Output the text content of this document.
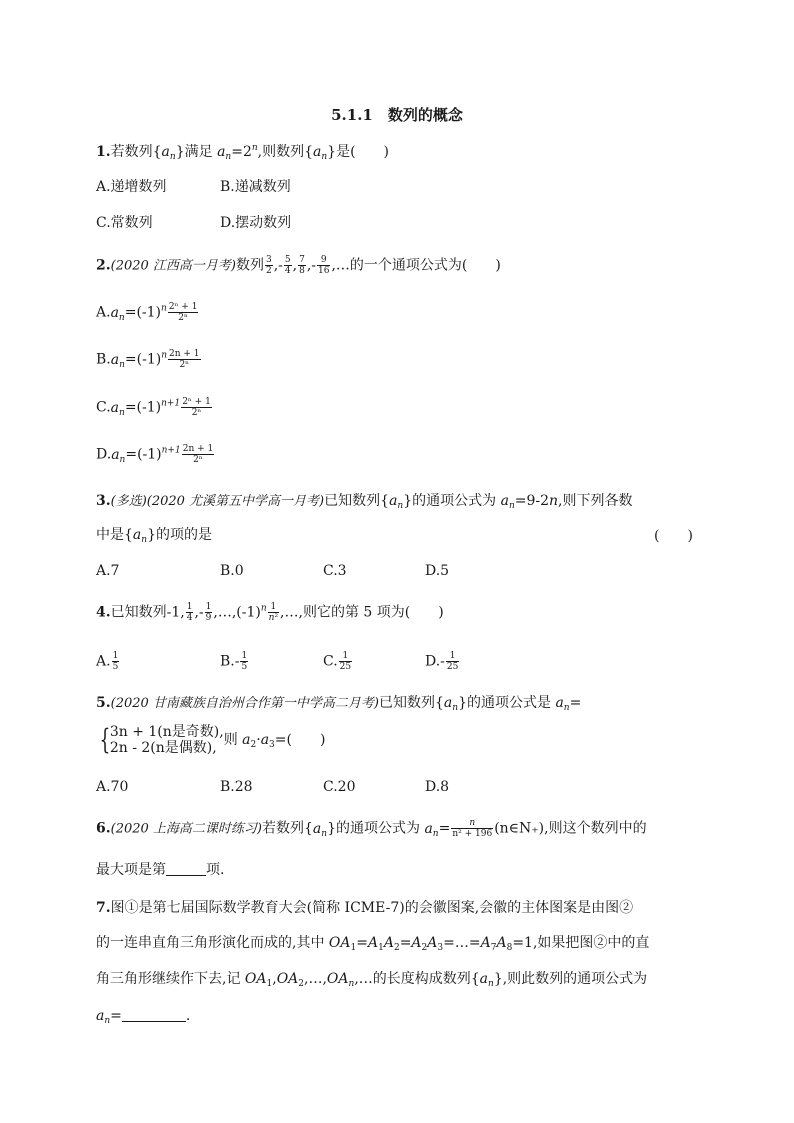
5.1.1　数列的概念
1.若数列$\{a_n\}$满足 $a_n=2^n$,则数列$\{a_n\}$是(　　)
A.递增数列	B.递减数列
C.常数列	D.摆动数列
2.(2020 江西高一月考)数列 $\frac{3}{2}$ ,- $\frac{5}{4}$ , $\frac{7}{8}$ ,- $\frac{9}{16}$ ,…的一个通项公式为(　　)
$A.a_n=(-1)^n \frac{\text{2ⁿ + 1}}{\text{2ⁿ}}$
$B.a_n=(-1)^n \frac{2n + 1}{\text{2ⁿ}}$
$C.a_n=(-1)^{n+1} \frac{\text{2ⁿ + 1}}{\text{2ⁿ}}$
$D.a_n=(-1)^{n+1} \frac{2n + 1}{\text{2ⁿ}}$
3.(多选)(2020 尤溪第五中学高一月考)已知数列$\{a_n\}$的通项公式为 $a_n=9-2n$,则下列各数
中是$\{a_n\}$的项的是	(　　)
A.7	B.0	C.3	D.5
4.已知数列-1, $\frac{1}{4}$ ,- $\frac{1}{9}$ $,\dots,(-1)^n \frac{1}{\text{n²}}$ ,…,则它的第 5 项为(　　)
A. $\frac{1}{5}$	$B.- \frac{1}{5}$	C. $\frac{1}{25}$	$D.- \frac{1}{25}$
5.(2020 甘南藏族自治州合作第一中学高二月考)已知数列$\{a_n\}$的通项公式是 $a_n=$
{ 3n + 1(n是奇数),
2n - 2(n是偶数), 则 $a_2\cdot a_3=$(　　)
A.70	B.28	C.20	D.8
6.(2020 上海高二课时练习)若数列$\{a_n\}$的通项公式为 $a_n= \frac{n}{\text{n² + 196}}$ (n∈N₊),则这个数列中的
最大项是第	项.
7.图①是第七届国际数学教育大会(简称 ICME-7)的会徽图案,会徽的主体图案是由图②
的一连串直角三角形演化而成的,其中 $OA_1=A_1A_2=A_2A_3=\dots=A_7A_8=1$,如果把图②中的直
角三角形继续作下去,记 $OA_1,OA_2,\dots,OA_n,\dots$的长度构成数列$\{a_n\}$,则此数列的通项公式为
$a_n=$	.
